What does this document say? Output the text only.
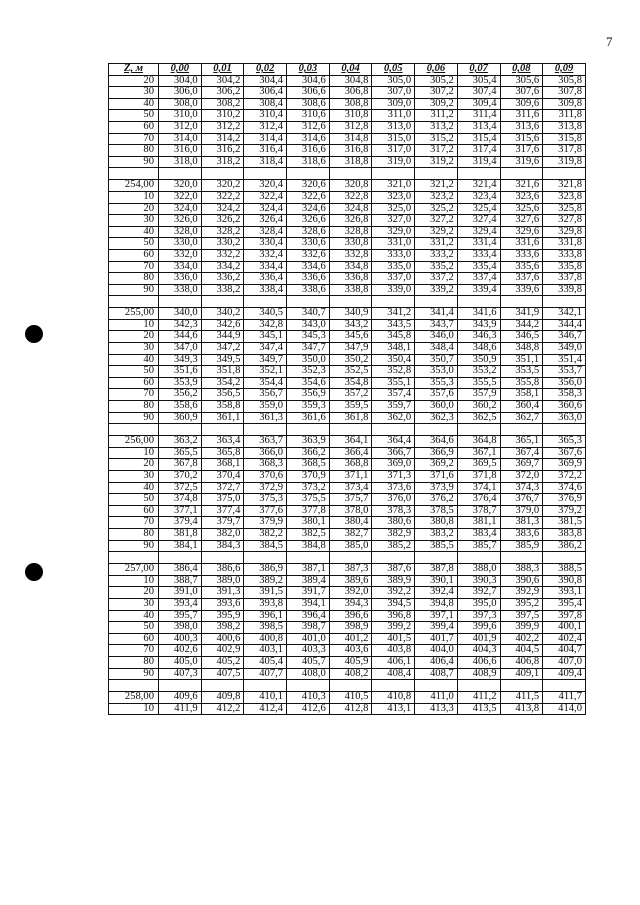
7
Z, м	0,00	0,01	0,02	0,03	0,04	0,05	0,06	0,07	0,08	0,09
20	304,0	304,2	304,4	304,6	304,8	305,0	305,2	305,4	305,6	305,8
30	306,0	306,2	306,4	306,6	306,8	307,0	307,2	307,4	307,6	307,8
40	308,0	308,2	308,4	308,6	308,8	309,0	309,2	309,4	309,6	309,8
50	310,0	310,2	310,4	310,6	310,8	311,0	311,2	311,4	311,6	311,8
60	312,0	312,2	312,4	312,6	312,8	313,0	313,2	313,4	313,6	313,8
70	314,0	314,2	314,4	314,6	314,8	315,0	315,2	315,4	315,6	315,8
80	316,0	316,2	316,4	316,6	316,8	317,0	317,2	317,4	317,6	317,8
90	318,0	318,2	318,4	318,6	318,8	319,0	319,2	319,4	319,6	319,8

254,00	320,0	320,2	320,4	320,6	320,8	321,0	321,2	321,4	321,6	321,8
10	322,0	322,2	322,4	322,6	322,8	323,0	323,2	323,4	323,6	323,8
20	324,0	324,2	324,4	324,6	324,8	325,0	325,2	325,4	325,6	325,8
30	326,0	326,2	326,4	326,6	326,8	327,0	327,2	327,4	327,6	327,8
40	328,0	328,2	328,4	328,6	328,8	329,0	329,2	329,4	329,6	329,8
50	330,0	330,2	330,4	330,6	330,8	331,0	331,2	331,4	331,6	331,8
60	332,0	332,2	332,4	332,6	332,8	333,0	333,2	333,4	333,6	333,8
70	334,0	334,2	334,4	334,6	334,8	335,0	335,2	335,4	335,6	335,8
80	336,0	336,2	336,4	336,6	336,8	337,0	337,2	337,4	337,6	337,8
90	338,0	338,2	338,4	338,6	338,8	339,0	339,2	339,4	339,6	339,8

255,00	340,0	340,2	340,5	340,7	340,9	341,2	341,4	341,6	341,9	342,1
10	342,3	342,6	342,8	343,0	343,2	343,5	343,7	343,9	344,2	344,4
20	344,6	344,9	345,1	345,3	345,6	345,8	346,0	346,3	346,5	346,7
30	347,0	347,2	347,4	347,7	347,9	348,1	348,4	348,6	348,8	349,0
40	349,3	349,5	349,7	350,0	350,2	350,4	350,7	350,9	351,1	351,4
50	351,6	351,8	352,1	352,3	352,5	352,8	353,0	353,2	353,5	353,7
60	353,9	354,2	354,4	354,6	354,8	355,1	355,3	355,5	355,8	356,0
70	356,2	356,5	356,7	356,9	357,2	357,4	357,6	357,9	358,1	358,3
80	358,6	358,8	359,0	359,3	359,5	359,7	360,0	360,2	360,4	360,6
90	360,9	361,1	361,3	361,6	361,8	362,0	362,3	362,5	362,7	363,0

256,00	363,2	363,4	363,7	363,9	364,1	364,4	364,6	364,8	365,1	365,3
10	365,5	365,8	366,0	366,2	366,4	366,7	366,9	367,1	367,4	367,6
20	367,8	368,1	368,3	368,5	368,8	369,0	369,2	369,5	369,7	369,9
30	370,2	370,4	370,6	370,9	371,1	371,3	371,6	371,8	372,0	372,2
40	372,5	372,7	372,9	373,2	373,4	373,6	373,9	374,1	374,3	374,6
50	374,8	375,0	375,3	375,5	375,7	376,0	376,2	376,4	376,7	376,9
60	377,1	377,4	377,6	377,8	378,0	378,3	378,5	378,7	379,0	379,2
70	379,4	379,7	379,9	380,1	380,4	380,6	380,8	381,1	381,3	381,5
80	381,8	382,0	382,2	382,5	382,7	382,9	383,2	383,4	383,6	383,8
90	384,1	384,3	384,5	384,8	385,0	385,2	385,5	385,7	385,9	386,2

257,00	386,4	386,6	386,9	387,1	387,3	387,6	387,8	388,0	388,3	388,5
10	388,7	389,0	389,2	389,4	389,6	389,9	390,1	390,3	390,6	390,8
20	391,0	391,3	391,5	391,7	392,0	392,2	392,4	392,7	392,9	393,1
30	393,4	393,6	393,8	394,1	394,3	394,5	394,8	395,0	395,2	395,4
40	395,7	395,9	396,1	396,4	396,6	396,8	397,1	397,3	397,5	397,8
50	398,0	398,2	398,5	398,7	398,9	399,2	399,4	399,6	399,9	400,1
60	400,3	400,6	400,8	401,0	401,2	401,5	401,7	401,9	402,2	402,4
70	402,6	402,9	403,1	403,3	403,6	403,8	404,0	404,3	404,5	404,7
80	405,0	405,2	405,4	405,7	405,9	406,1	406,4	406,6	406,8	407,0
90	407,3	407,5	407,7	408,0	408,2	408,4	408,7	408,9	409,1	409,4

258,00	409,6	409,8	410,1	410,3	410,5	410,8	411,0	411,2	411,5	411,7
10	411,9	412,2	412,4	412,6	412,8	413,1	413,3	413,5	413,8	414,0
